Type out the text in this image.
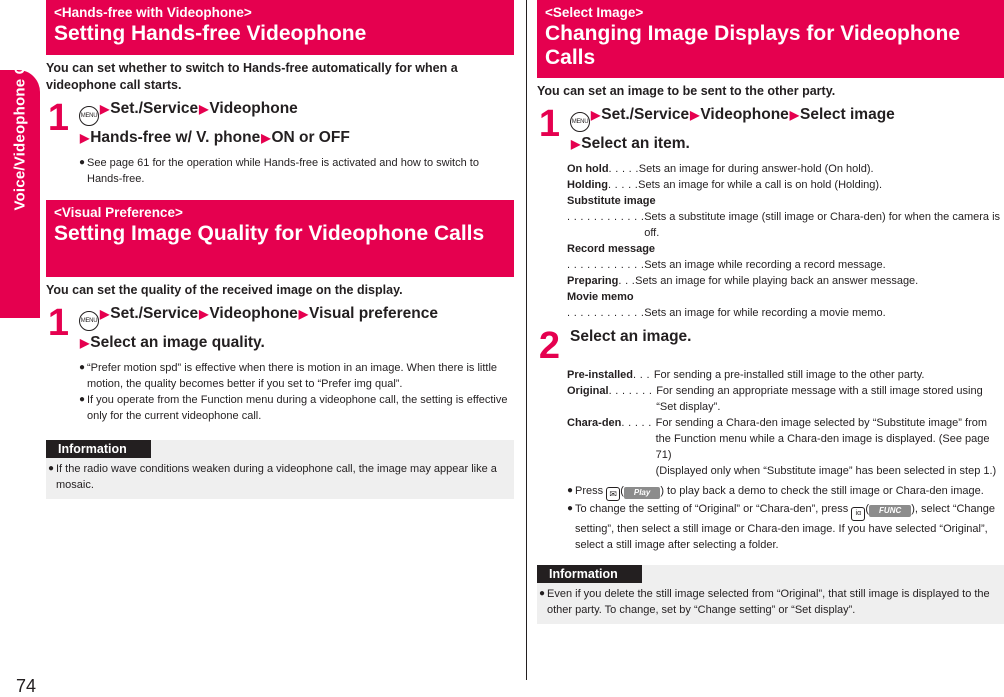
Voice/Videophone Calls
74
<Hands-free with Videophone>
Setting Hands-free Videophone
You can set whether to switch to Hands-free automatically for when a videophone call starts.
1	MENU ▶Set./Service▶Videophone
▶Hands-free w/ V. phone▶ON or OFF
● See page 61 for the operation while Hands-free is activated and how to switch to Hands-free.
<Visual Preference>
Setting Image Quality for Videophone Calls
You can set the quality of the received image on the display.
1	MENU ▶Set./Service▶Videophone▶Visual preference
▶Select an image quality.
● “Prefer motion spd” is effective when there is motion in an image. When there is little motion, the quality becomes better if you set to “Prefer img qual”.
● If you operate from the Function menu during a videophone call, the setting is effective only for the current videophone call.
Information
● If the radio wave conditions weaken during a videophone call, the image may appear like a mosaic.
<Select Image>
Changing Image Displays for Videophone Calls
You can set an image to be sent to the other party.
1	MENU ▶Set./Service▶Videophone▶Select image
▶Select an item.
On hold . . . . . Sets an image for during answer-hold (On hold).
Holding . . . . . Sets an image for while a call is on hold (Holding).
Substitute image
. . . . . . . . . . . . Sets a substitute image (still image or Chara-den) for when the camera is off.
Record message
. . . . . . . . . . . . Sets an image while recording a record message.
Preparing . . . Sets an image for while playing back an answer message.
Movie memo
. . . . . . . . . . . . Sets an image for while recording a movie memo.
2 Select an image.
Pre-installed . . . For sending a pre-installed still image to the other party.
Original . . . . . . . For sending an appropriate message with a still image stored using “Set display”.
Chara-den . . . . . For sending a Chara-den image selected by “Substitute image” from the Function menu while a Chara-den image is displayed. (See page 71)
(Displayed only when “Substitute image” has been selected in step 1.)
● Press ✉ ( Play ) to play back a demo to check the still image or Chara-den image.
● To change the setting of “Original” or “Chara-den”, press iα ( FUNC ), select “Change setting”, then select a still image or Chara-den image. If you have selected “Original”, select a still image after selecting a folder.
Information
● Even if you delete the still image selected from “Original”, that still image is displayed to the other party. To change, set by “Change setting” or “Set display”.
